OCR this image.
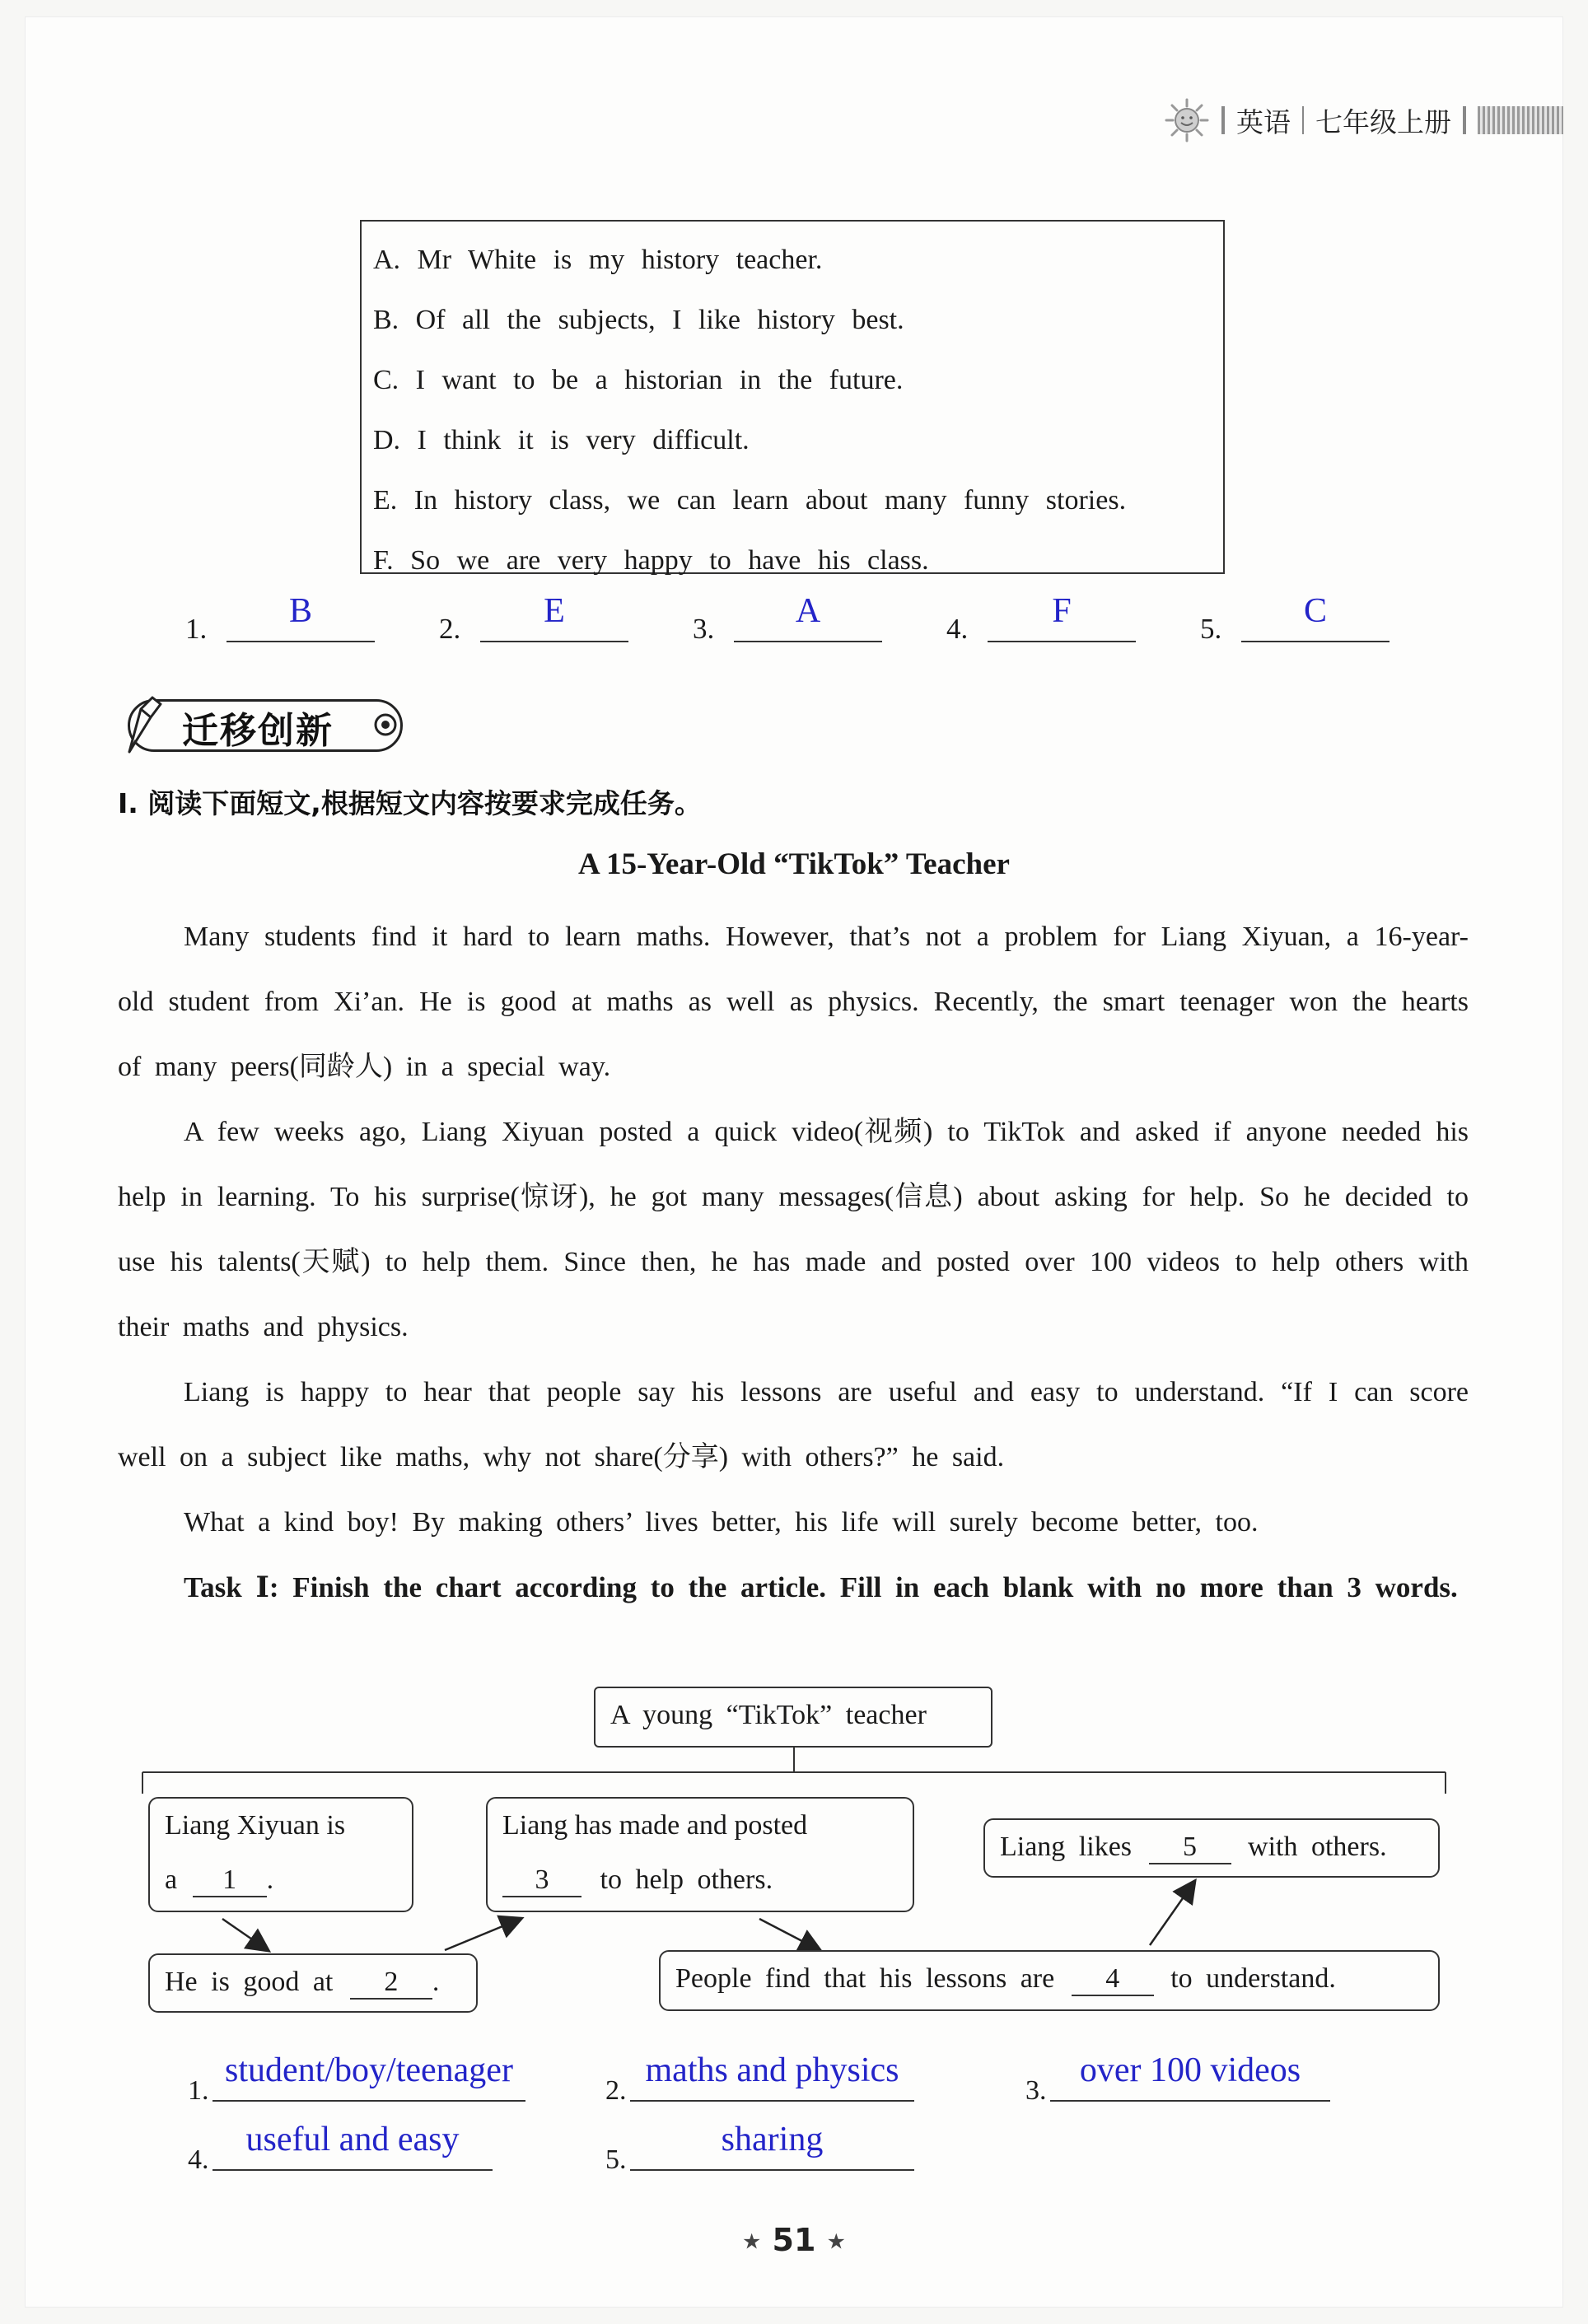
英语 七年级上册
A. Mr White is my history teacher.
B. Of all the subjects, I like history best.
C. I want to be a historian in the future.
D. I think it is very difficult.
E. In history class, we can learn about many funny stories.
F. So we are very happy to have his class.
1.	B	2.	E	3.	A	4.	F	5.	C
迁移创新
I. 阅读下面短文,根据短文内容按要求完成任务。
A 15-Year-Old “TikTok” Teacher
Many students find it hard to learn maths. However, that’s not a problem for Liang Xiyuan, a 16-year-old student from Xi’an. He is good at maths as well as physics. Recently, the smart teenager won the hearts of many peers(同龄人) in a special way.
A few weeks ago, Liang Xiyuan posted a quick video(视频) to TikTok and asked if anyone needed his help in learning. To his surprise(惊讶), he got many messages(信息) about asking for help. So he decided to use his talents(天赋) to help them. Since then, he has made and posted over 100 videos to help others with their maths and physics.
Liang is happy to hear that people say his lessons are useful and easy to understand. “If I can score well on a subject like maths, why not share(分享) with others?” he said.
What a kind boy! By making others’ lives better, his life will surely become better, too.
Task Ⅰ: Finish the chart according to the article. Fill in each blank with no more than 3 words.
A young “TikTok” teacher
Liang Xiyuan is
a 1 .
Liang has made and posted
3 to help others.
Liang likes 5 with others.
He is good at 2 .	People find that his lessons are 4 to understand.
1.
student/boy/teenager
2.
maths and physics
3.
over 100 videos
4.
useful and easy
5.
sharing
★ 51 ★
